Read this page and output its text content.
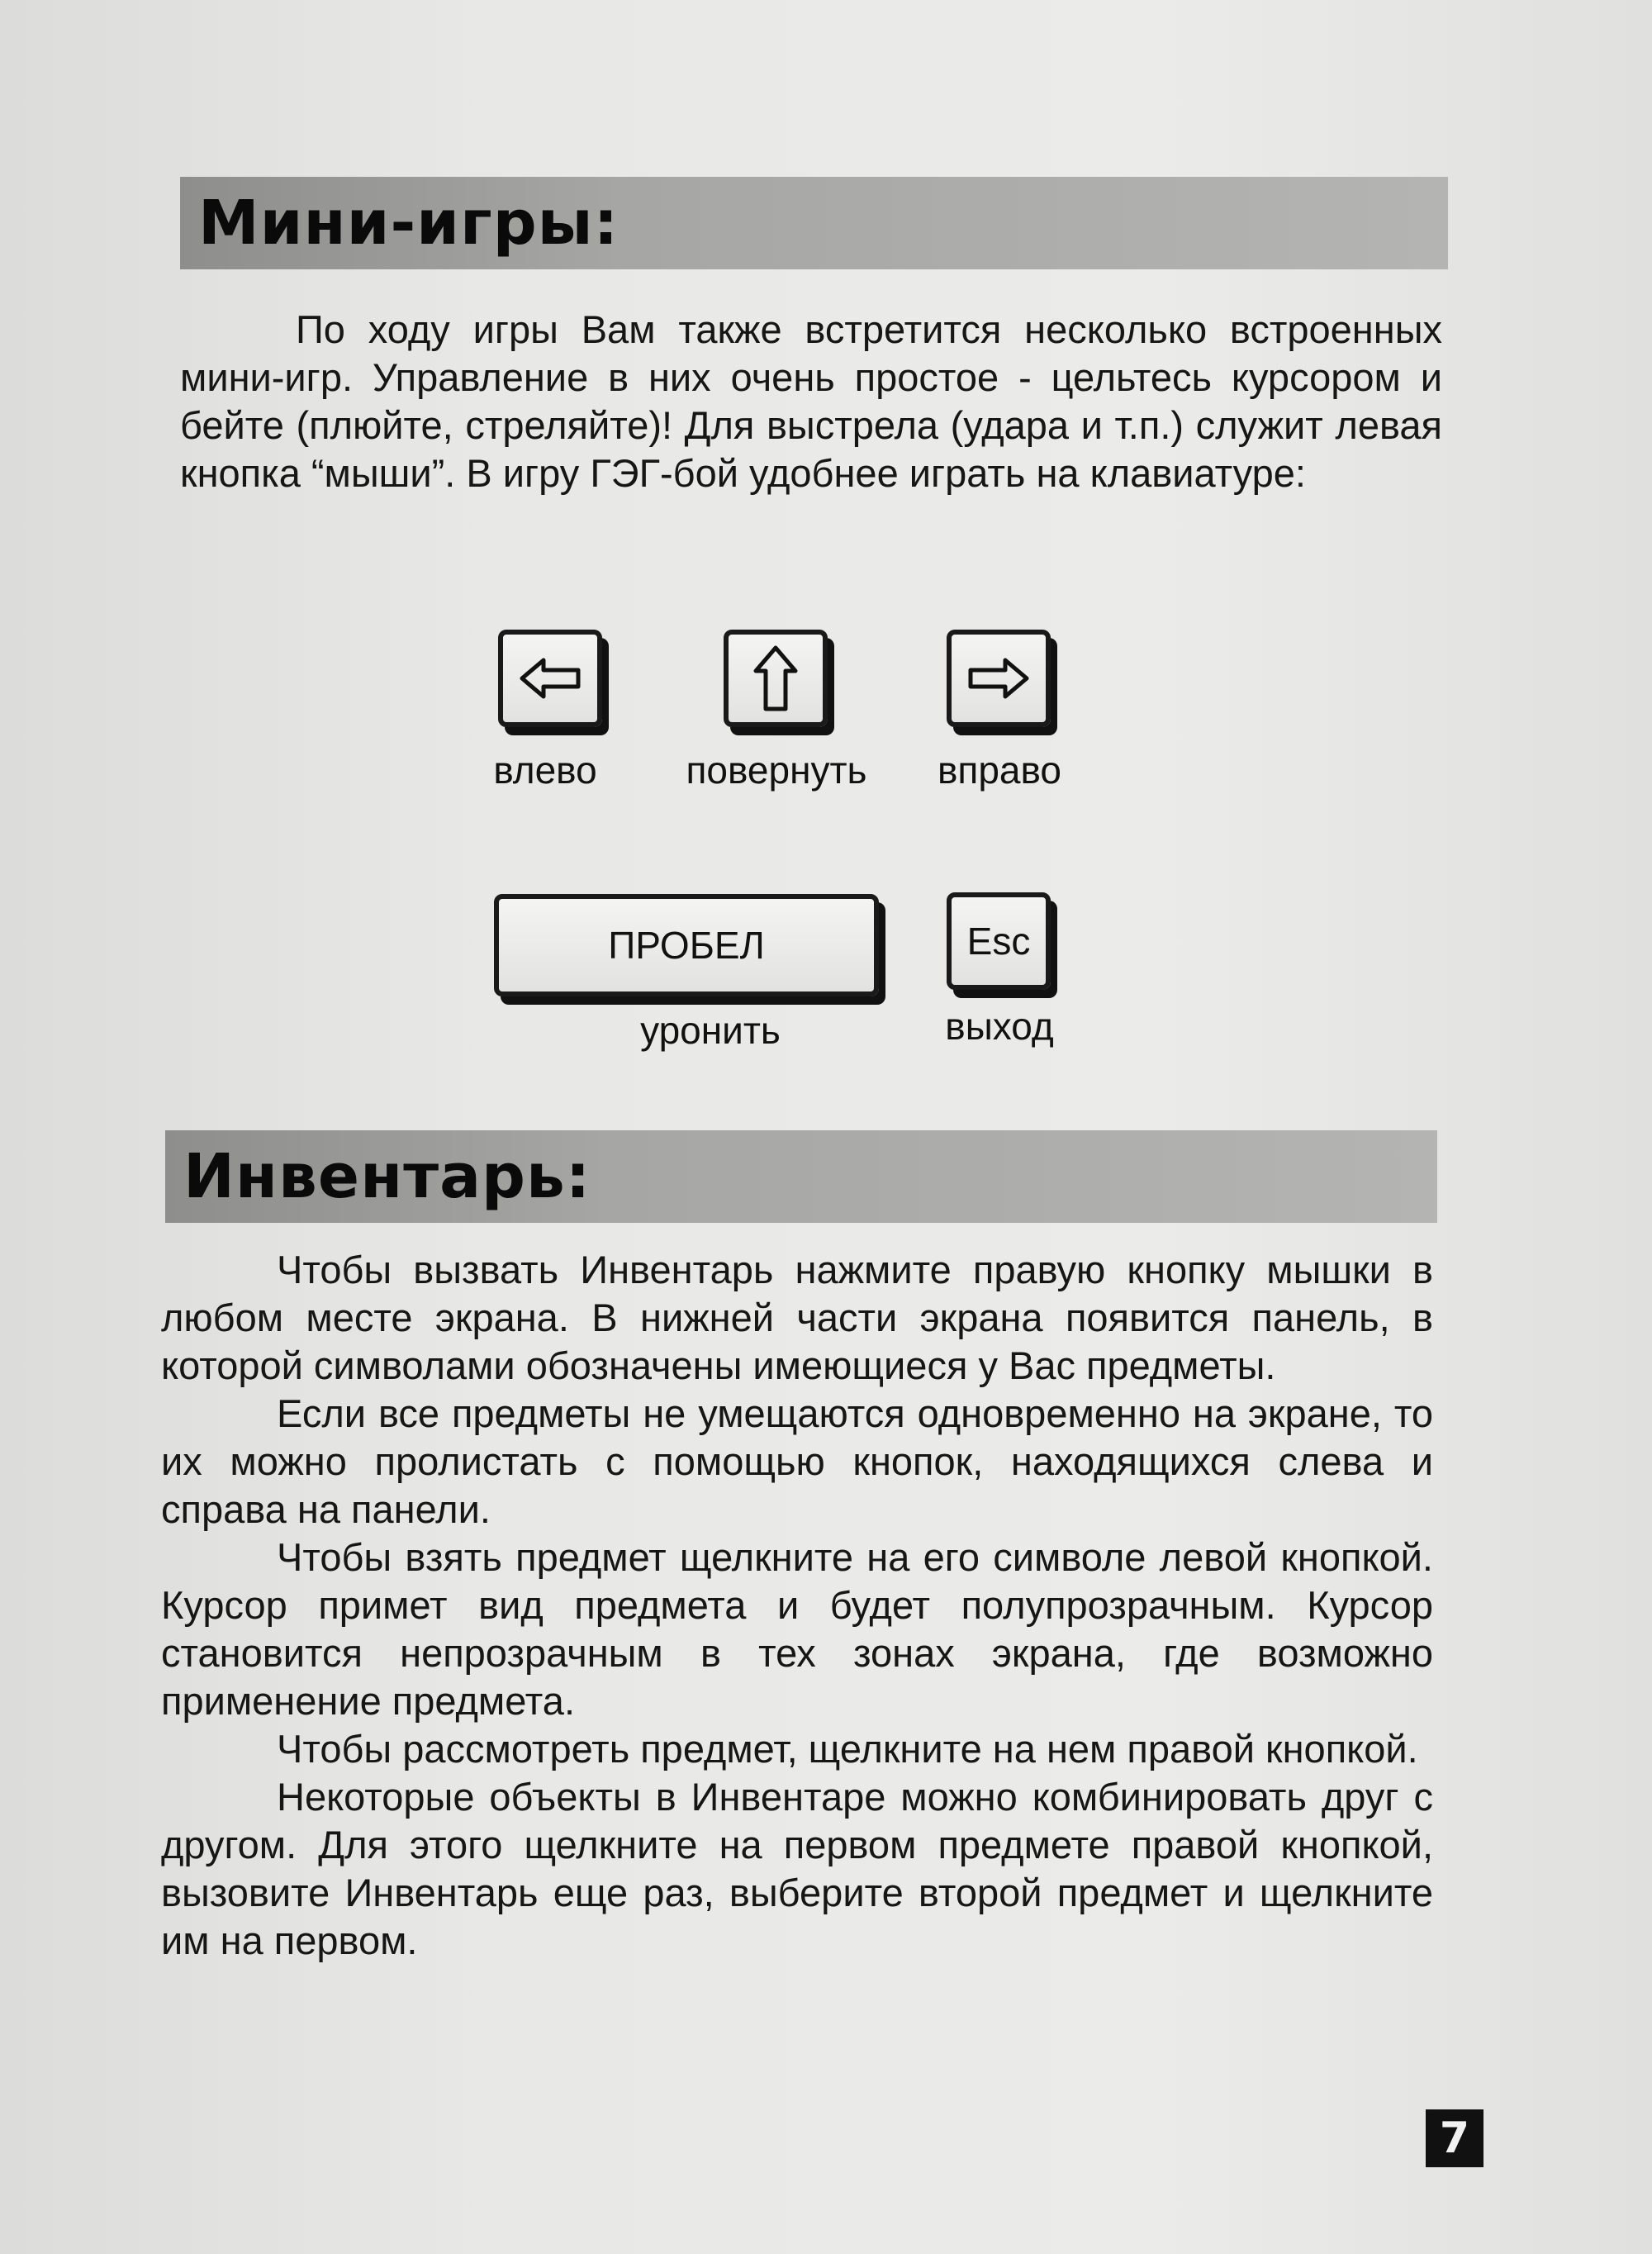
Мини-игры:

По ходу игры Вам также встретится несколько встроенных мини-игр. Управление в них очень простое - цельтесь курсором и бейте (плюйте, стреляйте)! Для выстрела (удара и т.п.) служит левая кнопка “мыши”. В игру ГЭГ-бой удобнее играть на клавиатуре:

влево	повернуть	вправо
ПРОБЕЛ
уронить
Esc
выход
Инвентарь:

Чтобы вызвать Инвентарь нажмите правую кнопку мышки в любом месте экрана. В нижней части экрана появится панель, в которой символами обозначены имеющиеся у Вас предметы.

Если все предметы не умещаются одновременно на экране, то их можно пролистать с помощью кнопок, находящихся слева и справа на панели.

Чтобы взять предмет щелкните на его символе левой кнопкой. Курсор примет вид предмета и будет полупрозрачным. Курсор становится непрозрачным в тех зонах экрана, где возможно применение предмета.

Чтобы рассмотреть предмет, щелкните на нем правой кнопкой.

Некоторые объекты в Инвентаре можно комбинировать друг с другом. Для этого щелкните на первом предмете правой кнопкой, вызовите Инвентарь еще раз, выберите второй предмет и щелкните им на первом.

7
